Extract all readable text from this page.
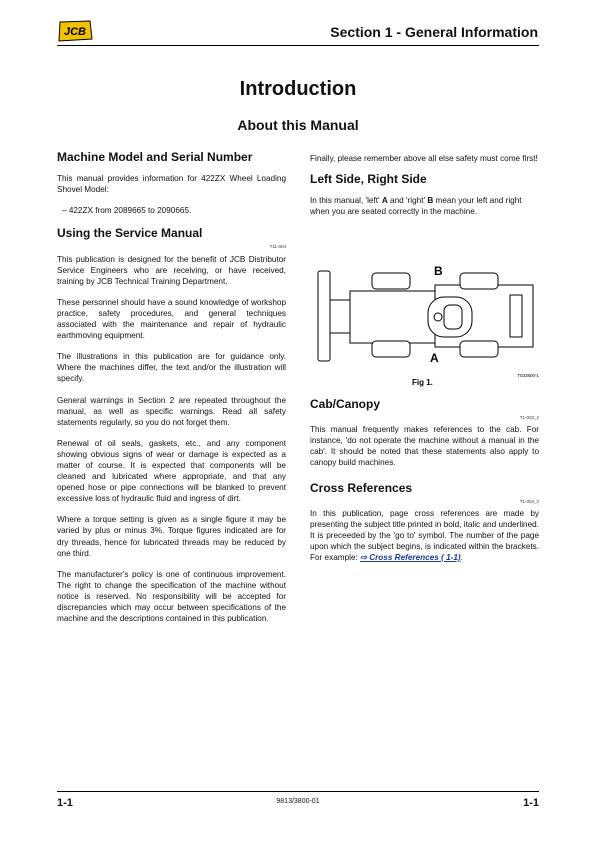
JCB	Section 1 - General Information
Introduction
About this Manual
Machine Model and Serial Number

This manual provides information for 422ZX Wheel Loading Shovel Model:

– 422ZX from 2089665 to 2090665.

Using the Service Manual
T11-004

This publication is designed for the benefit of JCB Distributor Service Engineers who are receiving, or have received, training by JCB Technical Training Department.

These personnel should have a sound knowledge of workshop practice, safety procedures, and general techniques associated with the maintenance and repair of hydraulic earthmoving equipment.

The illustrations in this publication are for guidance only. Where the machines differ, the text and/or the illustration will specify.

General warnings in Section 2 are repeated throughout the manual, as well as specific warnings. Read all safety statements regularly, so you do not forget them.

Renewal of oil seals, gaskets, etc., and any component showing obvious signs of wear or damage is expected as a matter of course. It is expected that components will be cleaned and lubricated where appropriate, and that any opened hose or pipe connections will be blanked to prevent excessive loss of hydraulic fluid and ingress of dirt.

Where a torque setting is given as a single figure it may be varied by plus or minus 3%. Torque figures indicated are for dry threads, hence for lubricated threads may be reduced by one third.

The manufacturer's policy is one of continuous improvement. The right to change the specification of the machine without notice is reserved. No responsibility will be accepted for discrepancies which may occur between specifications of the machine and the descriptions contained in this publication.

Finally, please remember above all else safety must come first!

Left Side, Right Side

In this manual, 'left' A and 'right' B mean your left and right when you are seated correctly in the machine.

B
A
T033800-1
Fig 1.
Cab/Canopy
T1-003_2

This manual frequently makes references to the cab. For instance, 'do not operate the machine without a manual in the cab'. It should be noted that these statements also apply to canopy build machines.

Cross References
T1-004_2

In this publication, page cross references are made by presenting the subject title printed in bold, italic and underlined. It is preceeded by the 'go to' symbol. The number of the page upon which the subject begins, is indicated within the brackets. For example: ⇨ Cross References ( 1-1).

1-1	9813/3800-01	1-1
